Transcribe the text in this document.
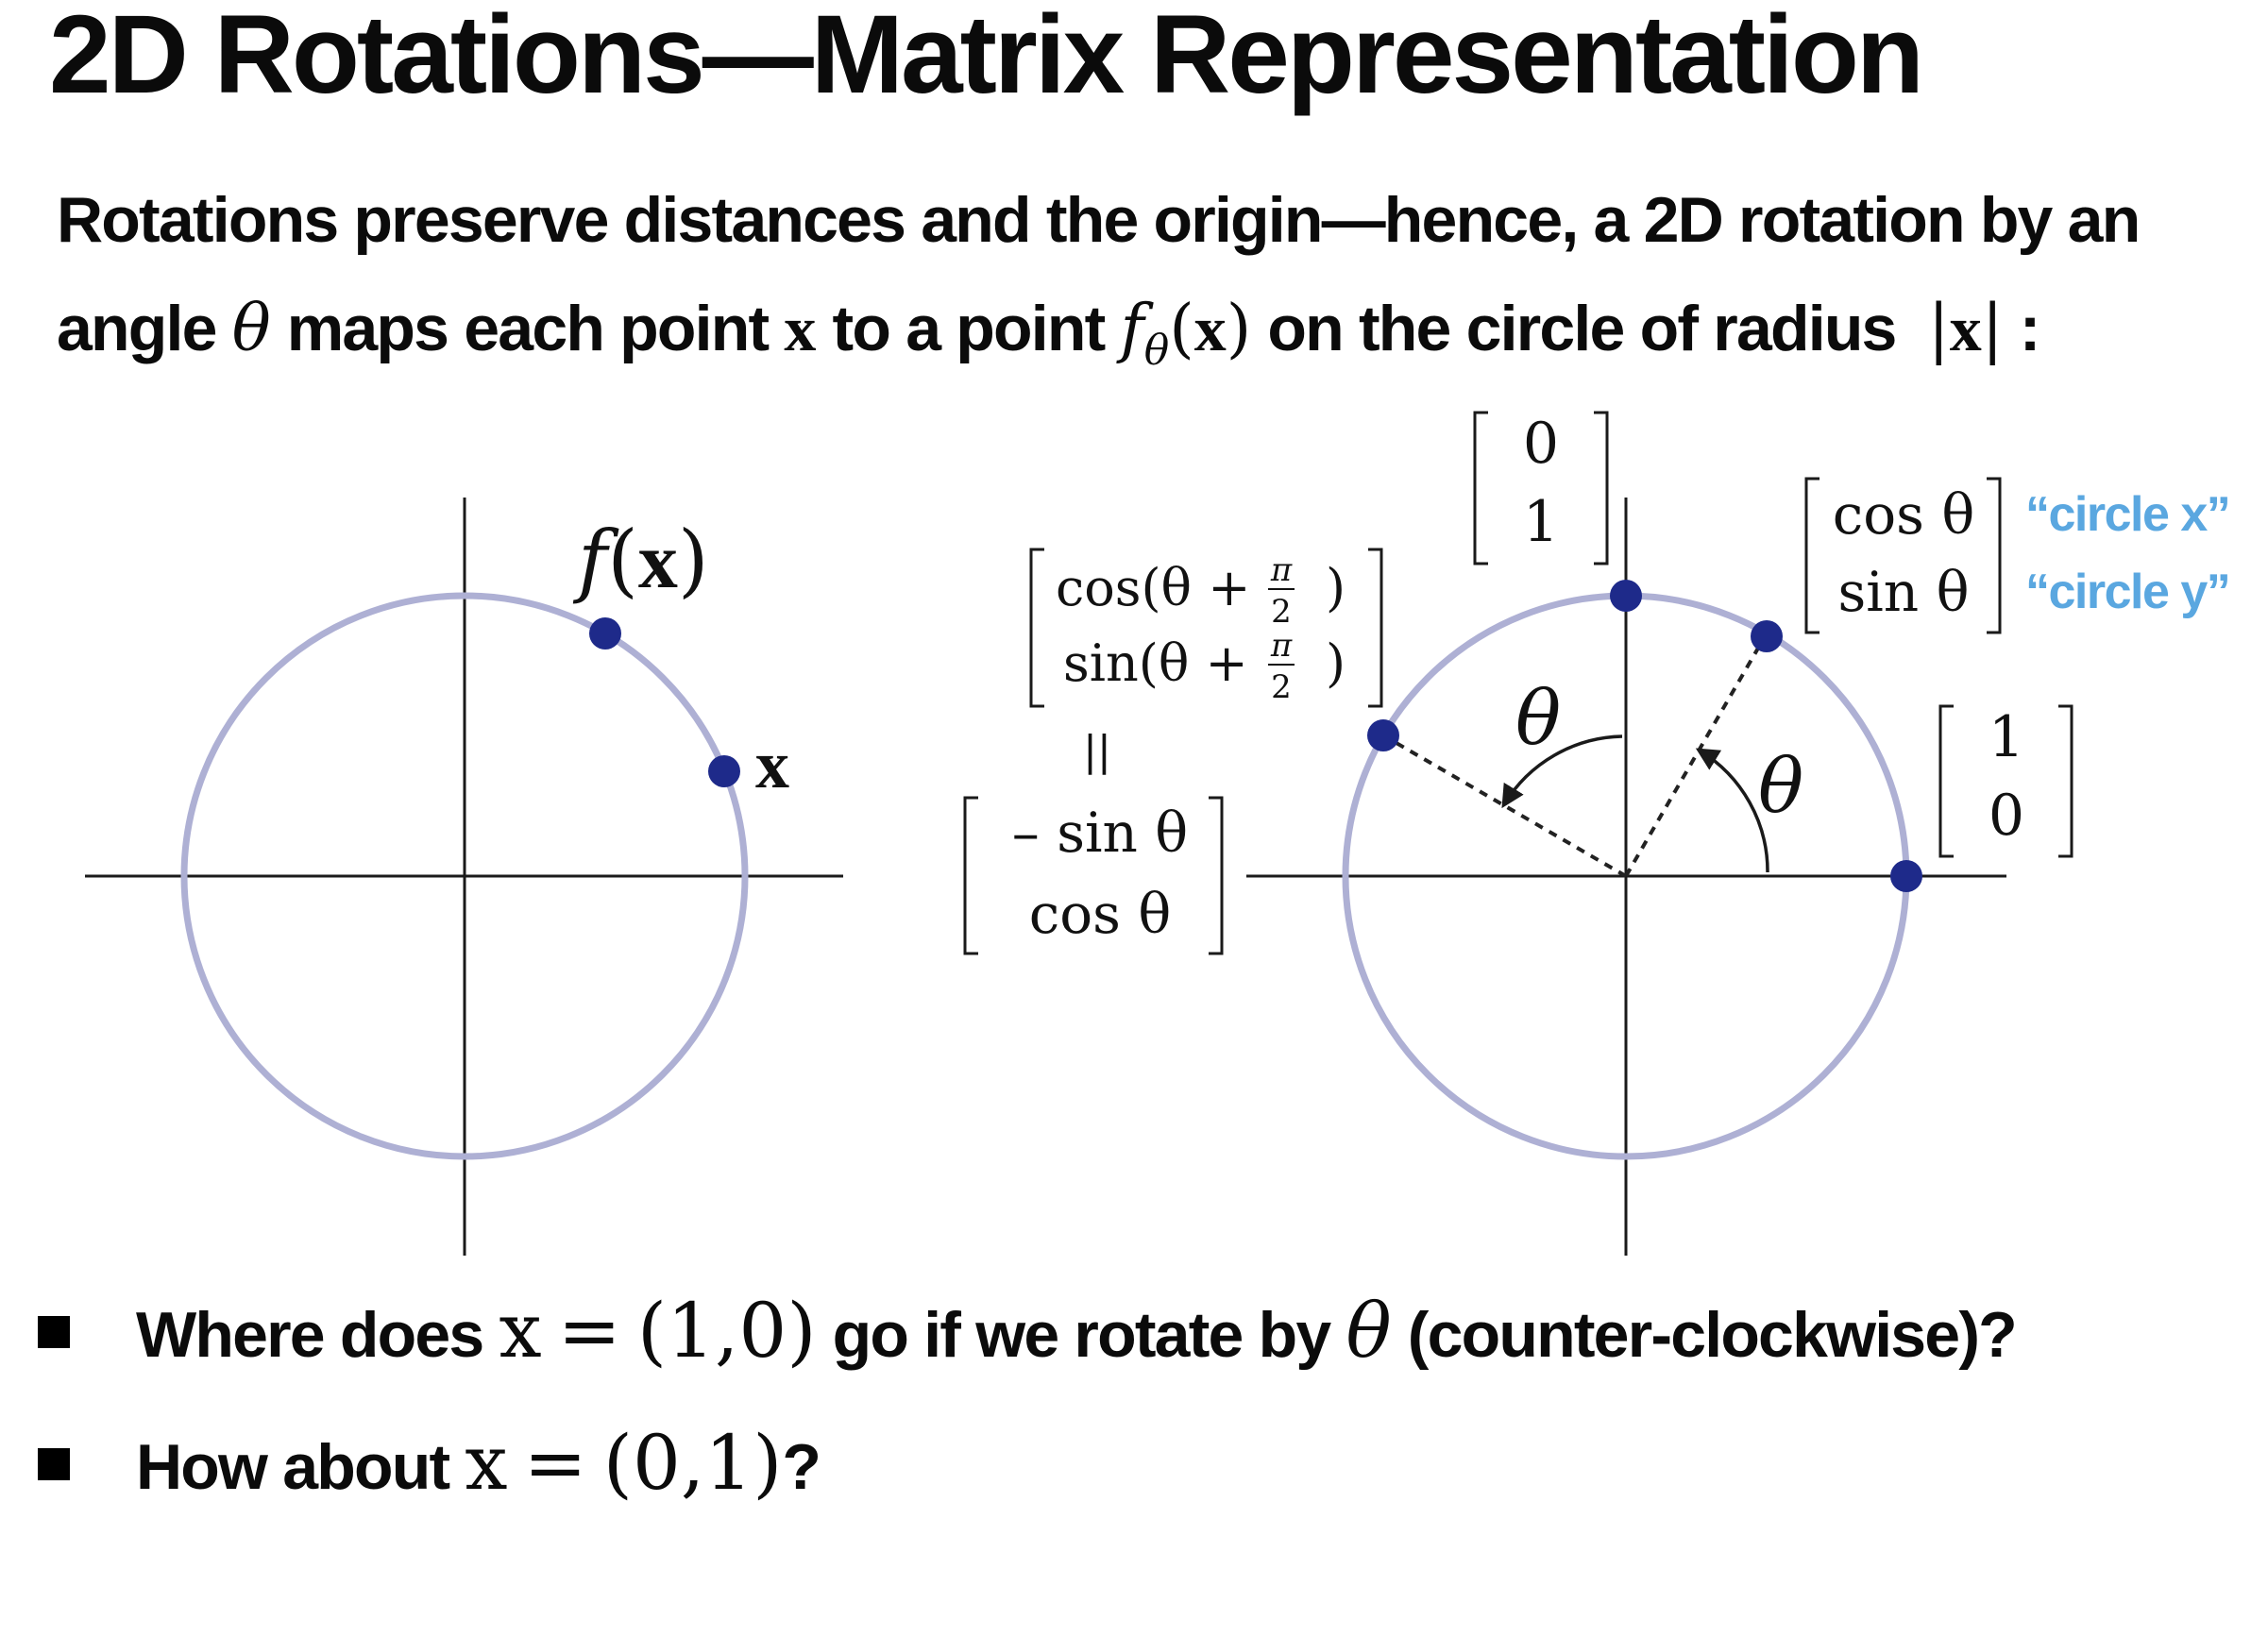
2D Rotations—Matrix Representation
Rotations preserve distances and the origin—hence, a 2D rotation by an
angle θ maps each point x to a point $f_\theta(x)$ on the circle of radius |x| :
f(x)
x
θ
θ
0
1	cos θ
sin θ
“circle x”
“circle y”
1
0
cos(θ + π
2 )
sin(θ + π
2 )
||
– sin θ
cos θ
Where does x = (1,0) go if we rotate by θ (counter-clockwise)?
How about x = (0,1)?
